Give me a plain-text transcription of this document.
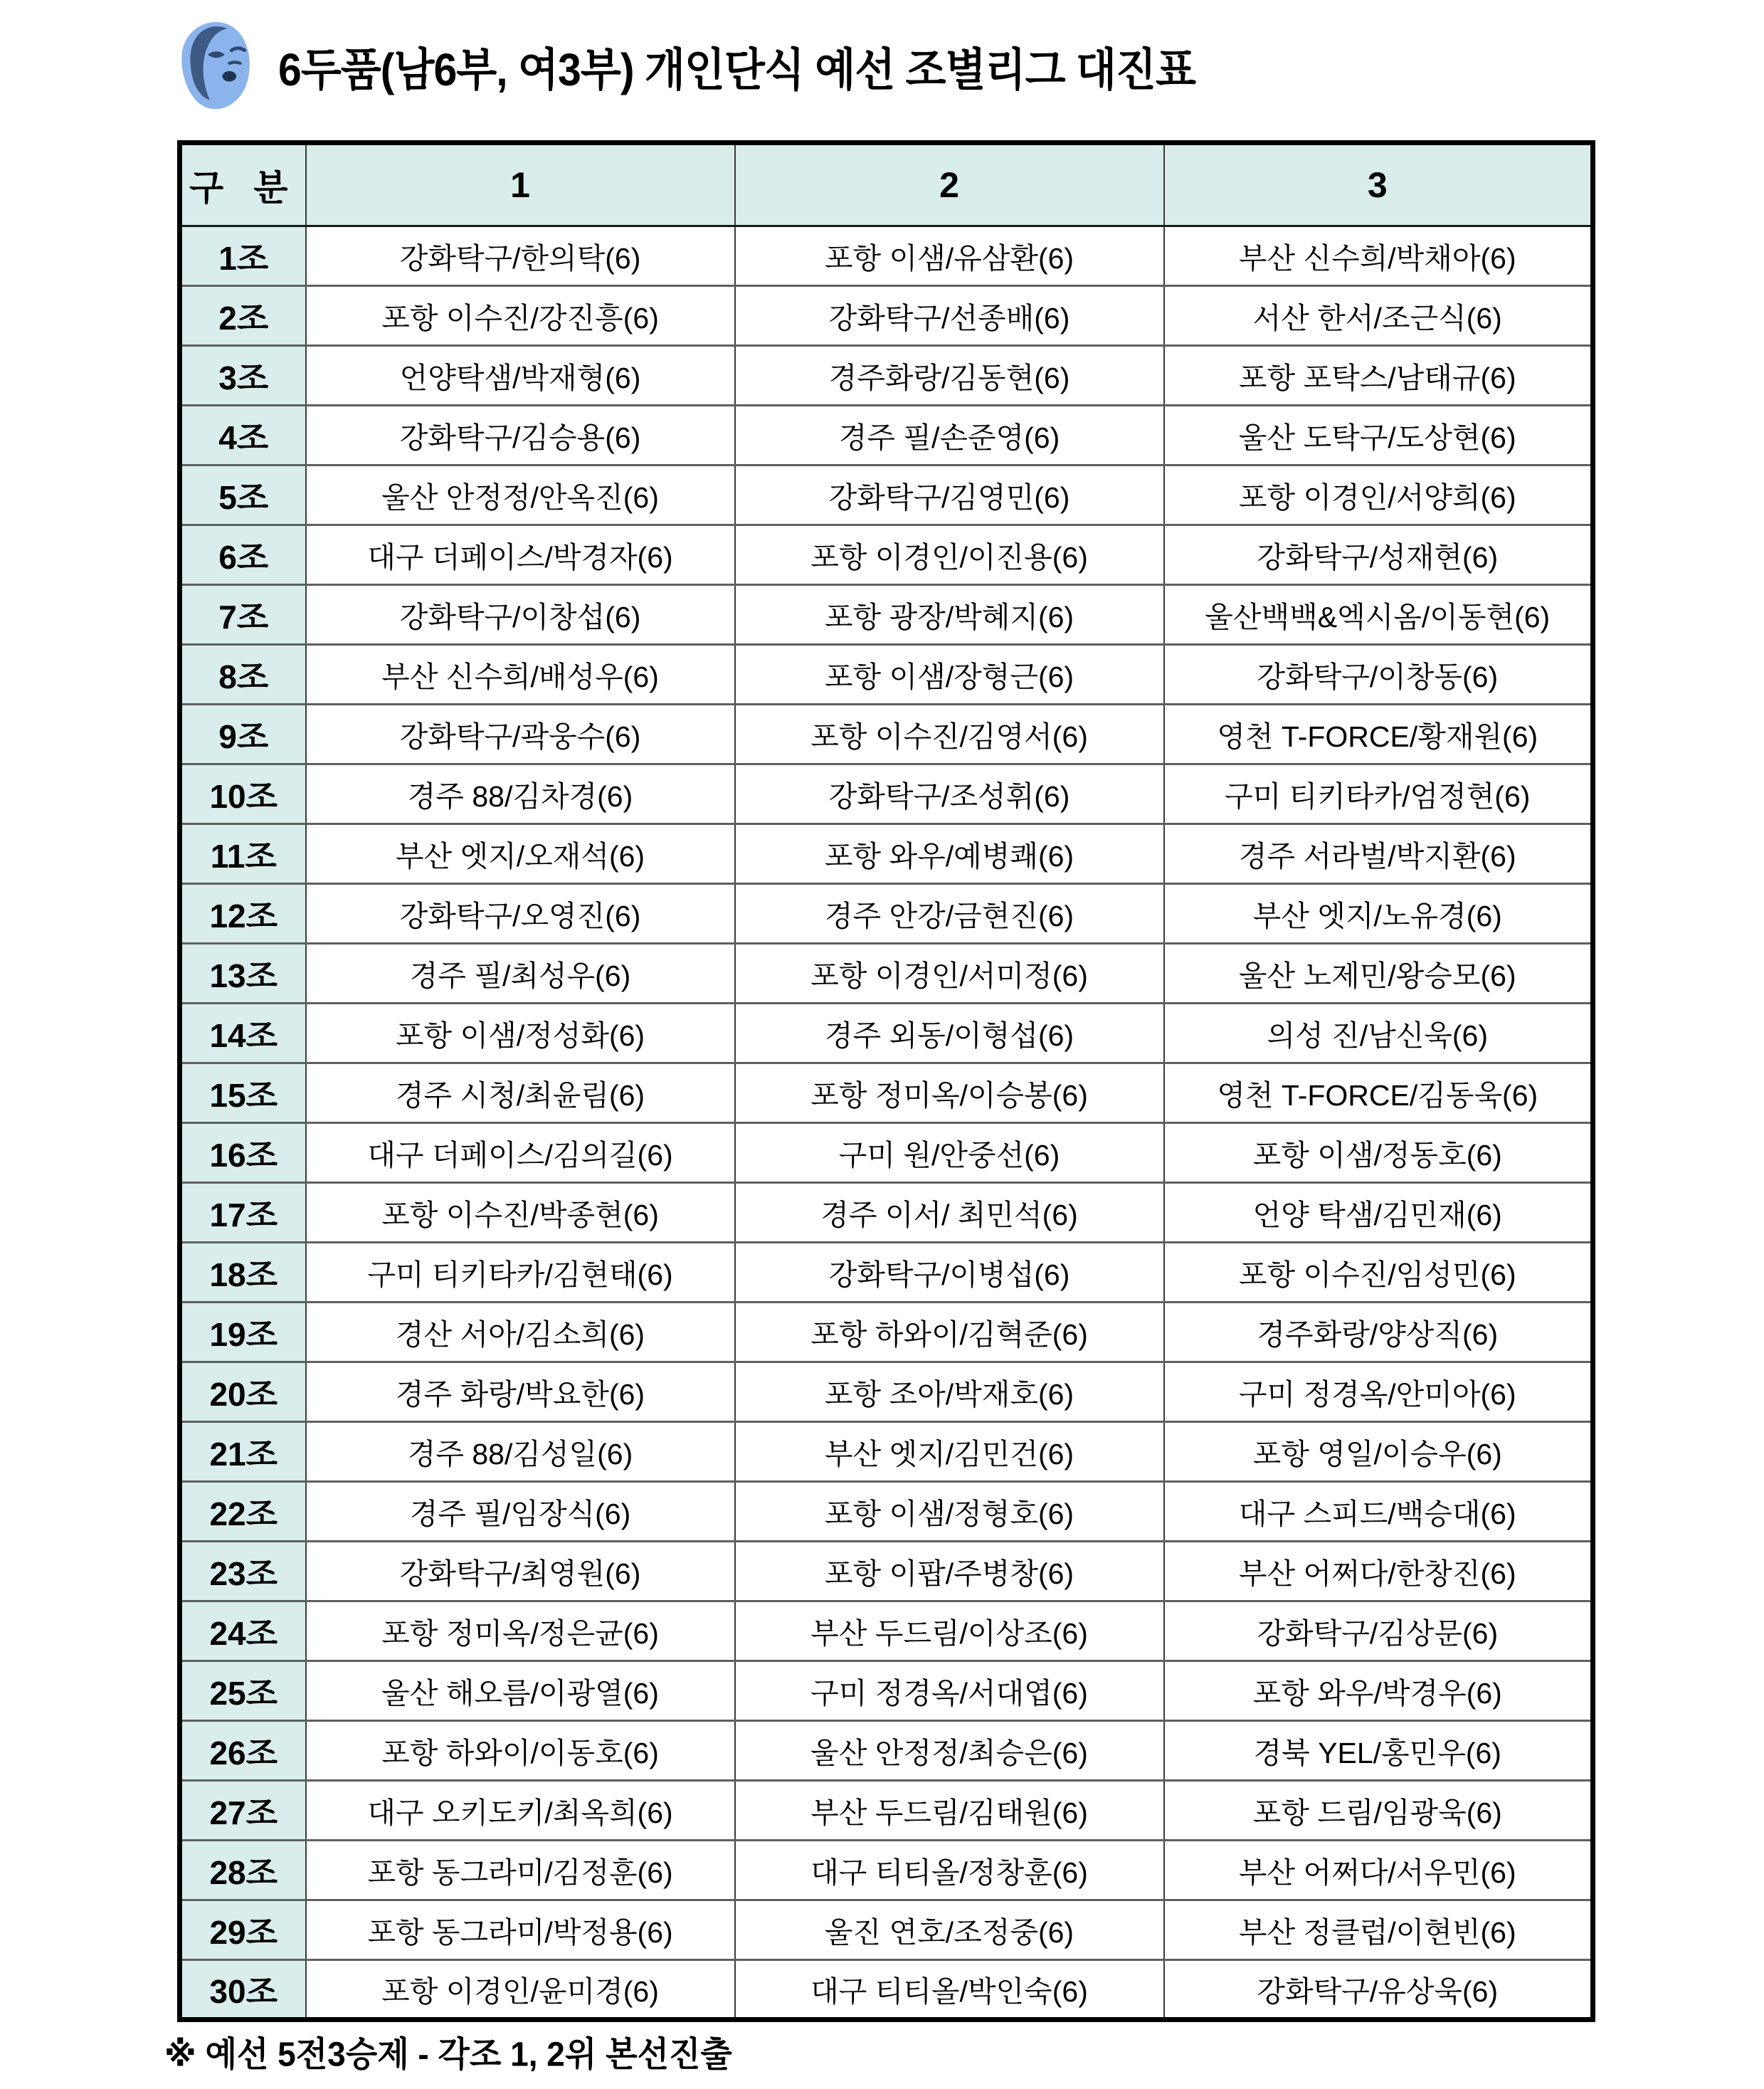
6두품(남6부, 여3부) 개인단식 예선 조별리그 대진표
구 분	1	2	3
1조	강화탁구/한의탁(6)	포항 이샘/유삼환(6)	부산 신수희/박채아(6)
2조	포항 이수진/강진흥(6)	강화탁구/선종배(6)	서산 한서/조근식(6)
3조	언양탁샘/박재형(6)	경주화랑/김동현(6)	포항 포탁스/남태규(6)
4조	강화탁구/김승용(6)	경주 필/손준영(6)	울산 도탁구/도상현(6)
5조	울산 안정정/안옥진(6)	강화탁구/김영민(6)	포항 이경인/서양희(6)
6조	대구 더페이스/박경자(6)	포항 이경인/이진용(6)	강화탁구/성재현(6)
7조	강화탁구/이창섭(6)	포항 광장/박혜지(6)	울산백백&엑시옴/이동현(6)
8조	부산 신수희/배성우(6)	포항 이샘/장형근(6)	강화탁구/이창동(6)
9조	강화탁구/곽웅수(6)	포항 이수진/김영서(6)	영천 T-FORCE/황재원(6)
10조	경주 88/김차경(6)	강화탁구/조성휘(6)	구미 티키타카/엄정현(6)
11조	부산 엣지/오재석(6)	포항 와우/예병쾌(6)	경주 서라벌/박지환(6)
12조	강화탁구/오영진(6)	경주 안강/금현진(6)	부산 엣지/노유경(6)
13조	경주 필/최성우(6)	포항 이경인/서미정(6)	울산 노제민/왕승모(6)
14조	포항 이샘/정성화(6)	경주 외동/이형섭(6)	의성 진/남신욱(6)
15조	경주 시청/최윤림(6)	포항 정미옥/이승봉(6)	영천 T-FORCE/김동욱(6)
16조	대구 더페이스/김의길(6)	구미 원/안중선(6)	포항 이샘/정동호(6)
17조	포항 이수진/박종현(6)	경주 이서/ 최민석(6)	언양 탁샘/김민재(6)
18조	구미 티키타카/김현태(6)	강화탁구/이병섭(6)	포항 이수진/임성민(6)
19조	경산 서아/김소희(6)	포항 하와이/김혁준(6)	경주화랑/양상직(6)
20조	경주 화랑/박요한(6)	포항 조아/박재호(6)	구미 정경옥/안미아(6)
21조	경주 88/김성일(6)	부산 엣지/김민건(6)	포항 영일/이승우(6)
22조	경주 필/임장식(6)	포항 이샘/정형호(6)	대구 스피드/백승대(6)
23조	강화탁구/최영원(6)	포항 이팝/주병창(6)	부산 어쩌다/한창진(6)
24조	포항 정미옥/정은균(6)	부산 두드림/이상조(6)	강화탁구/김상문(6)
25조	울산 해오름/이광열(6)	구미 정경옥/서대엽(6)	포항 와우/박경우(6)
26조	포항 하와이/이동호(6)	울산 안정정/최승은(6)	경북 YEL/홍민우(6)
27조	대구 오키도키/최옥희(6)	부산 두드림/김태원(6)	포항 드림/임광욱(6)
28조	포항 동그라미/김정훈(6)	대구 티티올/정창훈(6)	부산 어쩌다/서우민(6)
29조	포항 동그라미/박정용(6)	울진 연호/조정중(6)	부산 정클럽/이현빈(6)
30조	포항 이경인/윤미경(6)	대구 티티올/박인숙(6)	강화탁구/유상욱(6)
※ 예선 5전3승제 - 각조 1, 2위 본선진출
